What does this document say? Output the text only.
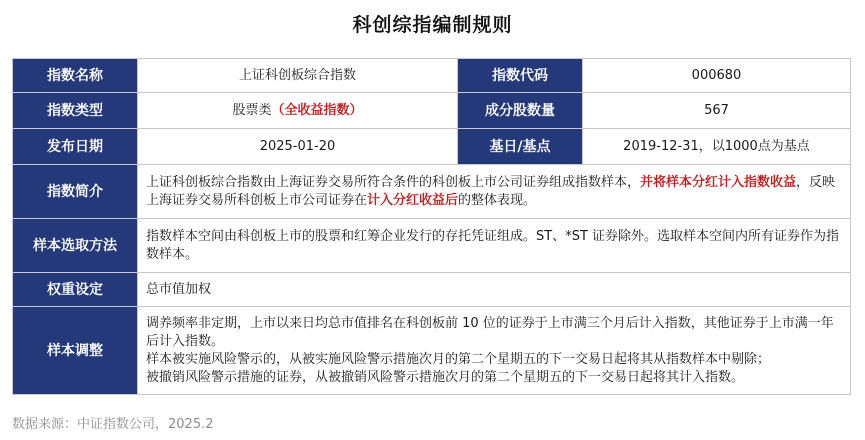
科创综指编制规则
指数名称	上证科创板综合指数	指数代码	000680
指数类型	股票类（全收益指数）	成分股数量	567
发布日期	2025-01-20	基日/基点	2019-12-31，以1000点为基点
指数简介	上证科创板综合指数由上海证券交易所符合条件的科创板上市公司证券组成指数样本，并将样本分红计入指数收益，反映上海证券交易所科创板上市公司证券在计入分红收益后的整体表现。		
样本选取方法	指数样本空间由科创板上市的股票和红筹企业发行的存托凭证组成。ST、*ST 证券除外。选取样本空间内所有证券作为指数样本。		
权重设定	总市值加权		
样本调整	调养频率非定期，上市以来日均总市值排名在科创板前 10 位的证券于上市满三个月后计入指数，其他证券于上市满一年后计入指数。
样本被实施风险警示的，从被实施风险警示措施次月的第二个星期五的下一交易日起将其从指数样本中剔除；
被撤销风险警示措施的证券，从被撤销风险警示措施次月的第二个星期五的下一交易日起将其计入指数。		
数据来源：中证指数公司，2025.2
